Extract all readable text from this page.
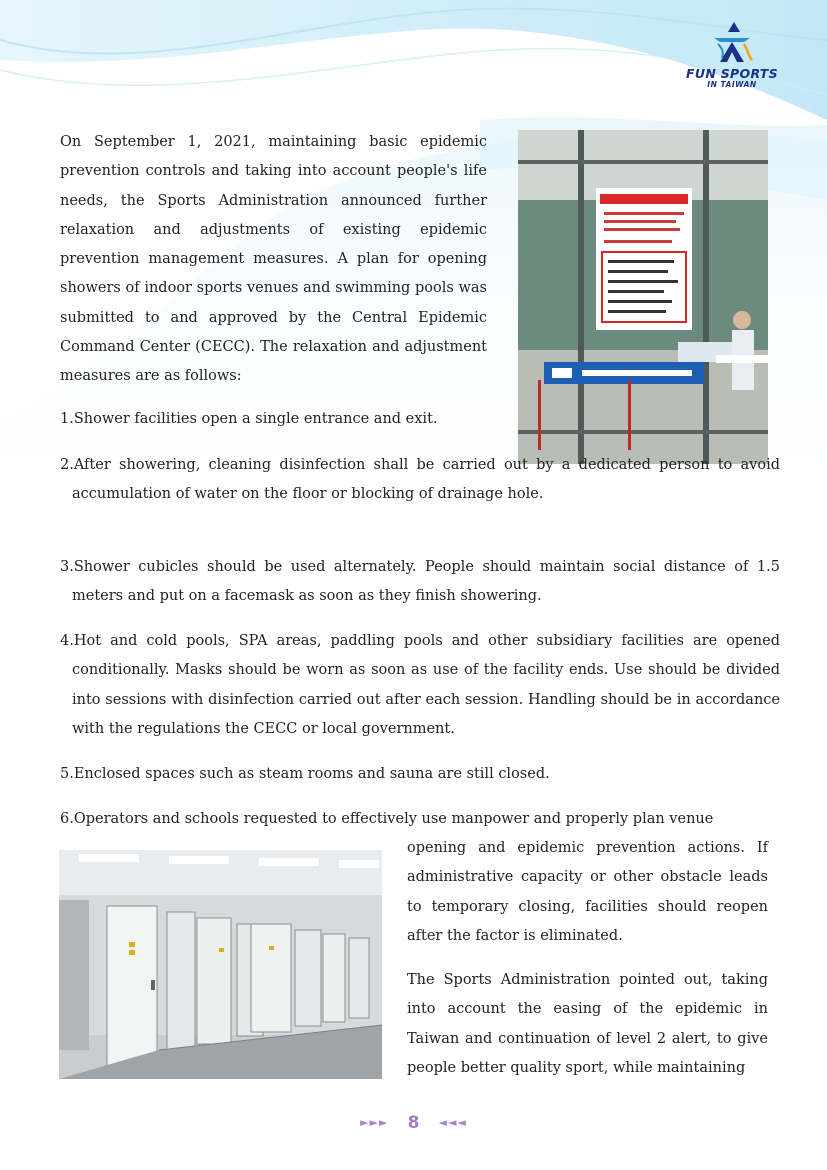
FUN SPORTS
IN TAIWAN

On September 1, 2021, maintaining basic epidemic prevention controls and taking into account people's life needs, the Sports Administration announced further relaxation and adjustments of existing epidemic prevention management measures. A plan for opening showers of indoor sports venues and swimming pools was submitted to and approved by the Central Epidemic Command Center (CECC). The relaxation and adjustment measures are as follows:

1.Shower facilities open a single entrance and exit.

2.After showering, cleaning disinfection shall be carried out by a dedicated person to avoid accumulation of water on the floor or blocking of drainage hole.

3.Shower cubicles should be used alternately. People should maintain social distance of 1.5 meters and put on a facemask as soon as they finish showering.

4.Hot and cold pools, SPA areas, paddling pools and other subsidiary facilities are opened conditionally. Masks should be worn as soon as use of the facility ends. Use should be divided into sessions with disinfection carried out after each session. Handling should be in accordance with the regulations the CECC or local government.

5.Enclosed spaces such as steam rooms and sauna are still closed.

6.Operators and schools requested to effectively use manpower and properly plan venue

opening and epidemic prevention actions. If administrative capacity or other obstacle leads to temporary closing, facilities should reopen after the factor is eliminated.

The Sports Administration pointed out, taking into account the easing of the epidemic in Taiwan and continuation of level 2 alert, to give people better quality sport, while maintaining

►►► 8 ◄◄◄
